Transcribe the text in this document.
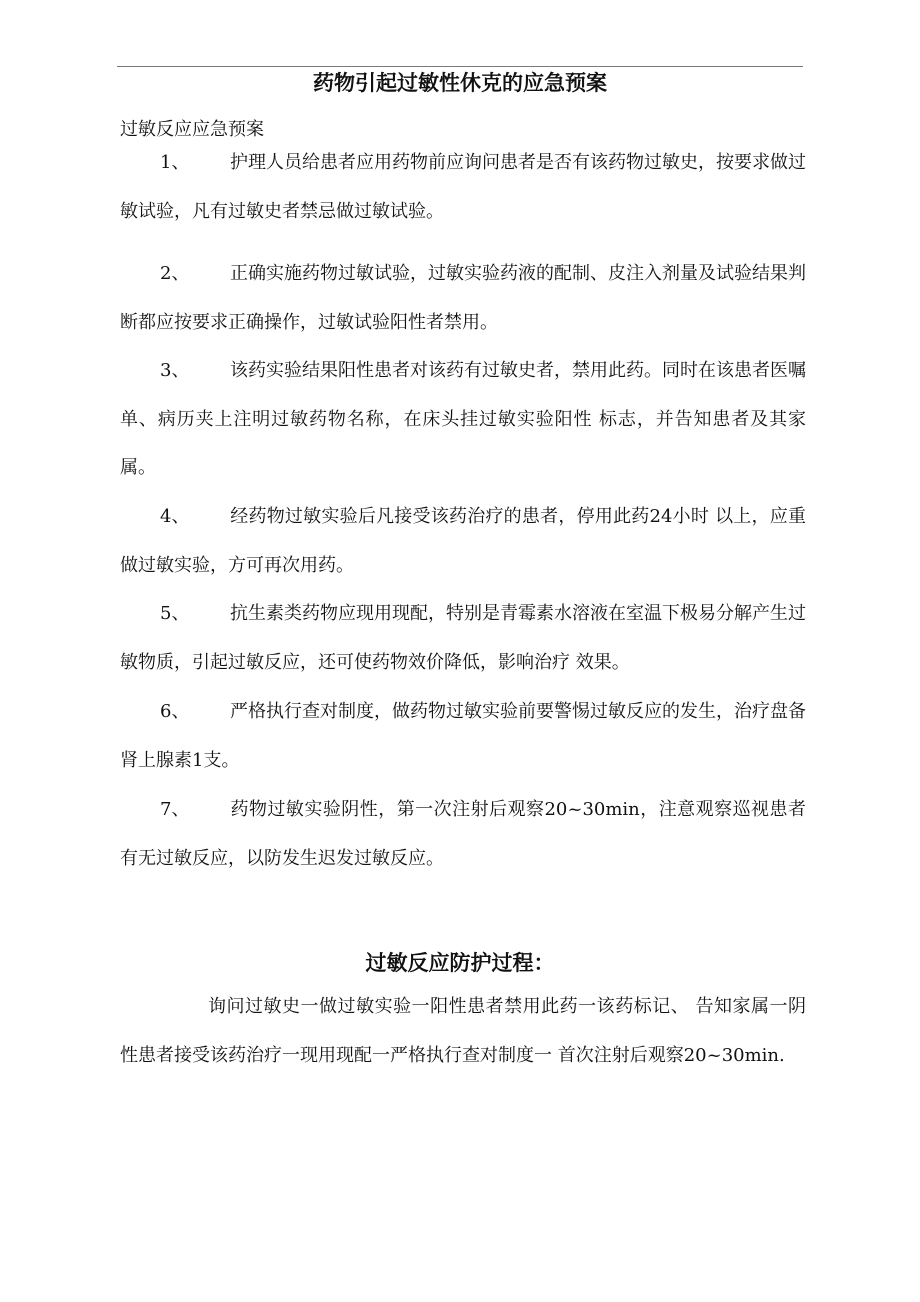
药物引起过敏性休克的应急预案

过敏反应应急预案

1、 护理人员给患者应用药物前应询问患者是否有该药物过敏史，按要求做过敏试验，凡有过敏史者禁忌做过敏试验。

2、 正确实施药物过敏试验，过敏实验药液的配制、皮注入剂量及试验结果判断都应按要求正确操作，过敏试验阳性者禁用。

3、 该药实验结果阳性患者对该药有过敏史者，禁用此药。同时在该患者医嘱单、病历夹上注明过敏药物名称，在床头挂过敏实验阳性 标志，并告知患者及其家属。

4、 经药物过敏实验后凡接受该药治疗的患者，停用此药24小时 以上，应重做过敏实验，方可再次用药。

5、 抗生素类药物应现用现配，特别是青霉素水溶液在室温下极易分解产生过敏物质，引起过敏反应，还可使药物效价降低，影响治疗 效果。

6、 严格执行查对制度，做药物过敏实验前要警惕过敏反应的发生，治疗盘备肾上腺素1支。

7、 药物过敏实验阴性，第一次注射后观察20~30min，注意观察巡视患者有无过敏反应，以防发生迟发过敏反应。

过敏反应防护过程：

询问过敏史一做过敏实验一阳性患者禁用此药一该药标记、 告知家属一阴性患者接受该药治疗一现用现配一严格执行查对制度一 首次注射后观察20~30min.
